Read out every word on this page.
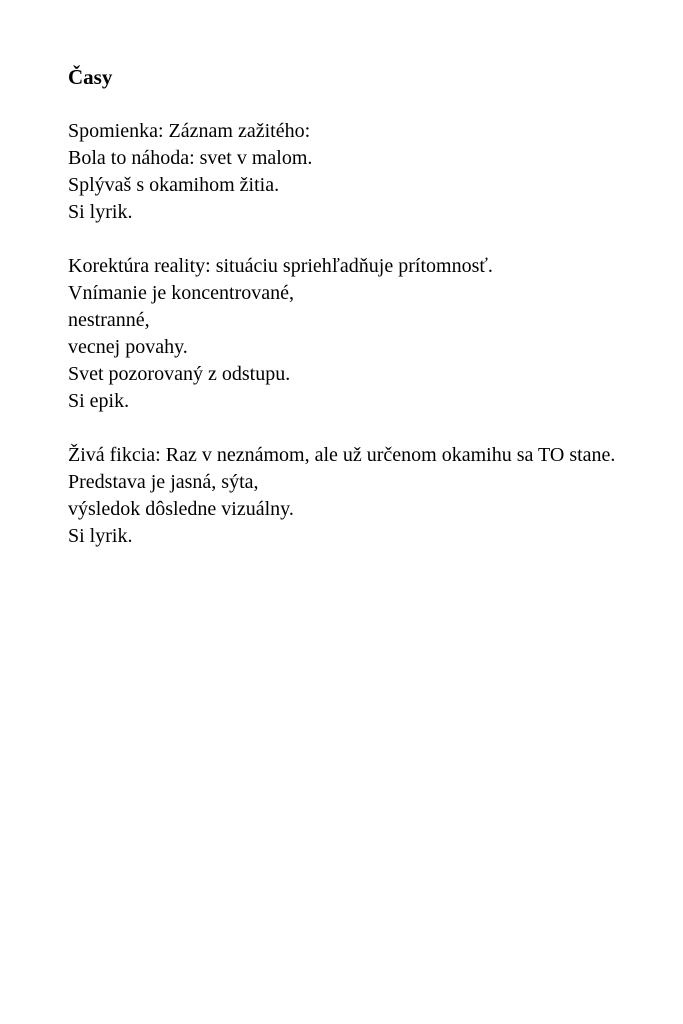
Časy

Spomienka: Záznam zažitého:

Bola to náhoda: svet v malom.

Splývaš s okamihom žitia.

Si lyrik.

Korektúra reality: situáciu spriehľadňuje prítomnosť.

Vnímanie je koncentrované,

nestranné,

vecnej povahy.

Svet pozorovaný z odstupu.

Si epik.

Živá fikcia: Raz v neznámom, ale už určenom okamihu sa TO stane.

Predstava je jasná, sýta,

výsledok dôsledne vizuálny.

Si lyrik.
